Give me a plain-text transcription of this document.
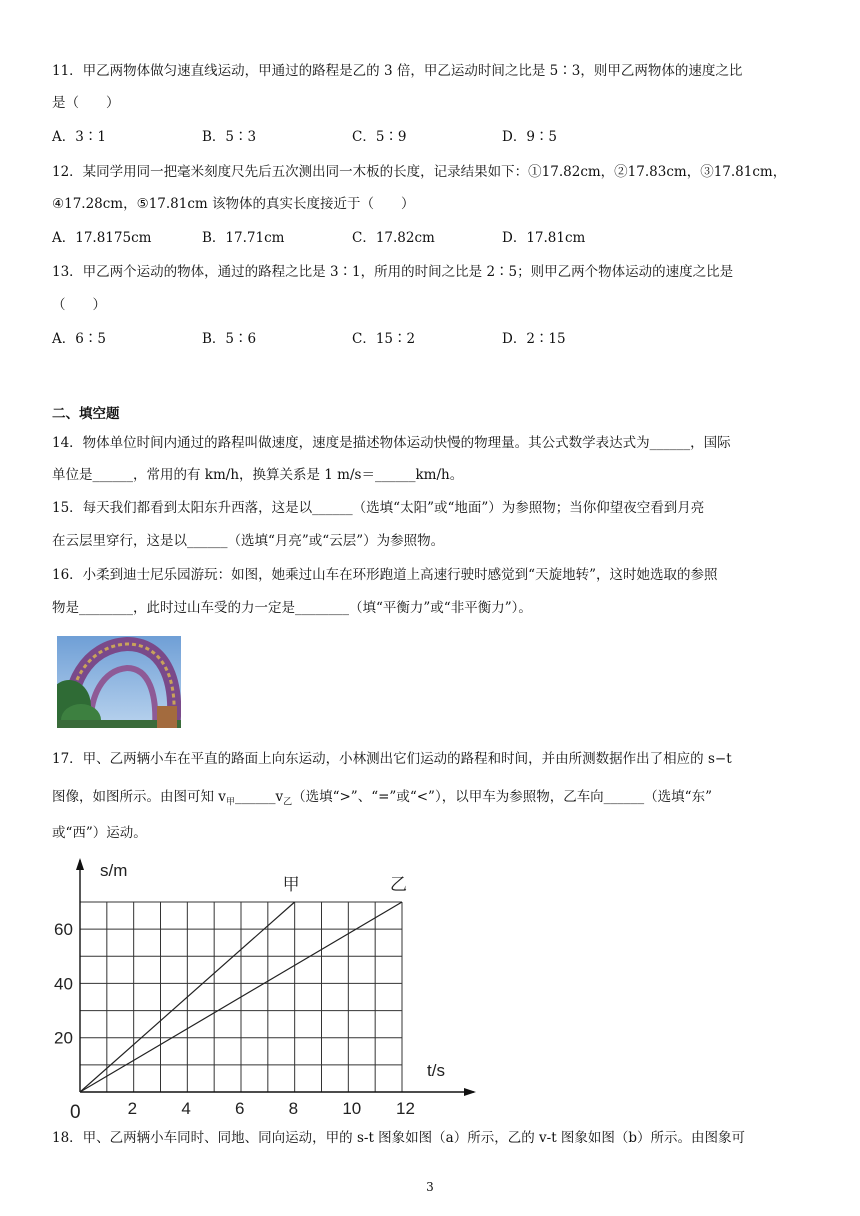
11．甲乙两物体做匀速直线运动，甲通过的路程是乙的 3 倍，甲乙运动时间之比是 5∶3，则甲乙两物体的速度之比
是（　　）
A．3∶1	B．5∶3	C．5∶9	D．9∶5
12．某同学用同一把毫米刻度尺先后五次测出同一木板的长度，记录结果如下：①17.82cm，②17.83cm，③17.81cm，
④17.28cm，⑤17.81cm 该物体的真实长度接近于（　　）
A．17.8175cm	B．17.71cm	C．17.82cm	D．17.81cm
13．甲乙两个运动的物体，通过的路程之比是 3∶1，所用的时间之比是 2∶5；则甲乙两个物体运动的速度之比是
（　　）
A．6∶5	B．5∶6	C．15∶2	D．2∶15
二、填空题
14．物体单位时间内通过的路程叫做速度，速度是描述物体运动快慢的物理量。其公式数学表达式为______，国际
单位是______，常用的有 km/h，换算关系是 1 m/s＝______km/h。
15．每天我们都看到太阳东升西落，这是以______（选填“太阳”或“地面”）为参照物；当你仰望夜空看到月亮
在云层里穿行，这是以______（选填“月亮”或“云层”）为参照物。
16．小柔到迪士尼乐园游玩：如图，她乘过山车在环形跑道上高速行驶时感觉到“天旋地转”，这时她选取的参照
物是________，此时过山车受的力一定是________（填“平衡力”或“非平衡力”）。
17．甲、乙两辆小车在平直的路面上向东运动，小林测出它们运动的路程和时间，并由所测数据作出了相应的 s−t
图像，如图所示。由图可知 $v_甲\_\_\_\_\_\_v_乙$（选填“>”、“=”或“<”），以甲车为参照物，乙车向______（选填“东”
或“西”）运动。
甲	乙
0	2	4	6	8	10 12
20
40
60
s/m
t/s
18．甲、乙两辆小车同时、同地、同向运动，甲的 s-t 图象如图（a）所示，乙的 v-t 图象如图（b）所示。由图象可
3
